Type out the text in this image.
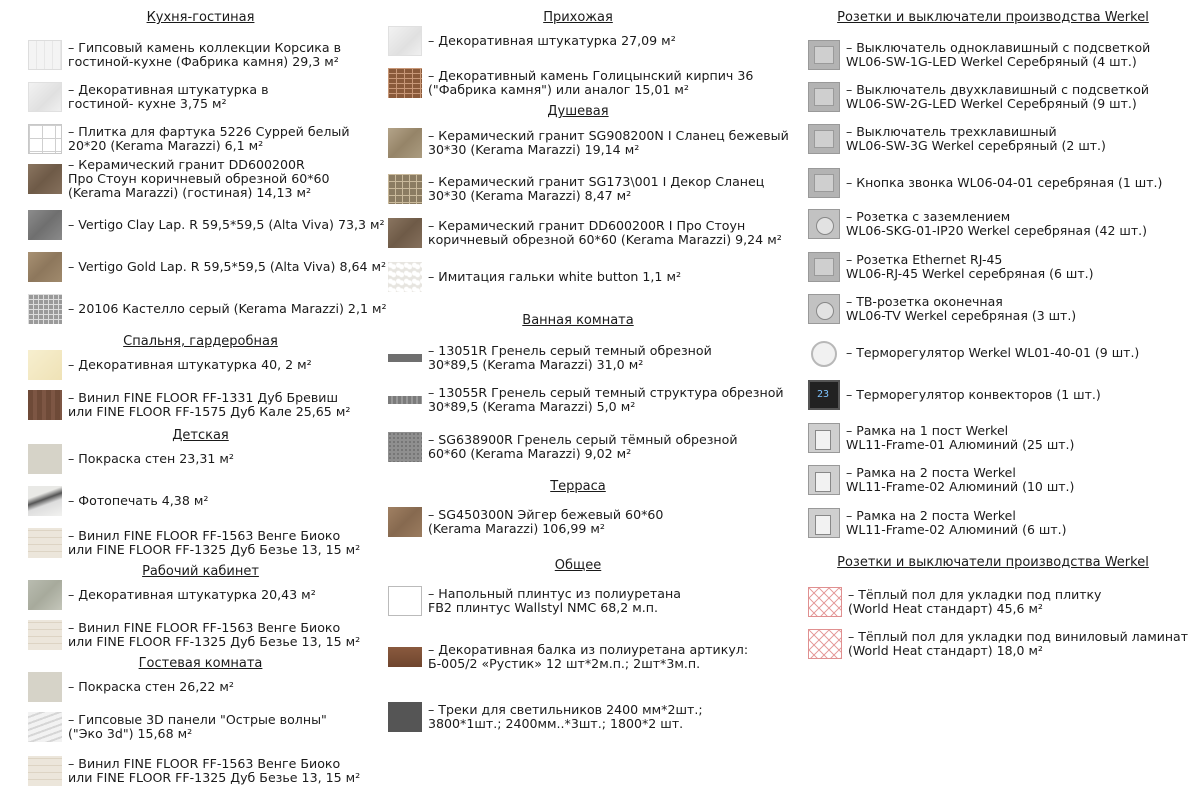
Кухня-гостиная
– Гипсовый камень коллекции Корсика в
гостиной-кухне (Фабрика камня) 29,3 м²
– Декоративная штукатурка в
гостиной- кухне 3,75 м²
– Плитка для фартука 5226 Суррей белый
20*20 (Kerama Marazzi) 6,1 м²
– Керамический гранит DD600200R
Про Стоун коричневый обрезной 60*60
(Kerama Marazzi) (гостиная) 14,13 м²
– Vertigo Clay Lap. R 59,5*59,5 (Alta Viva) 73,3 м²
– Vertigo Gold Lap. R 59,5*59,5 (Alta Viva) 8,64 м²
– 20106 Кастелло серый (Kerama Marazzi) 2,1 м²
Спальня, гардеробная
– Декоративная штукатурка 40, 2 м²
– Винил FINE FLOOR FF-1331 Дуб Бревиш
или FINE FLOOR FF-1575 Дуб Кале 25,65 м²
Детская
– Покраска стен 23,31 м²
– Фотопечать 4,38 м²
– Винил FINE FLOOR FF-1563 Венге Биоко
или FINE FLOOR FF-1325 Дуб Безье 13, 15 м²
Рабочий кабинет
– Декоративная штукатурка 20,43 м²
– Винил FINE FLOOR FF-1563 Венге Биоко
или FINE FLOOR FF-1325 Дуб Безье 13, 15 м²
Гостевая комната
– Покраска стен 26,22 м²
– Гипсовые 3D панели "Острые волны"
("Эко 3d") 15,68 м²
– Винил FINE FLOOR FF-1563 Венге Биоко
или FINE FLOOR FF-1325 Дуб Безье 13, 15 м²
Прихожая
– Декоративная штукатурка 27,09 м²
– Декоративный камень Голицынский кирпич 36
("Фабрика камня") или аналог 15,01 м²
Душевая
– Керамический гранит SG908200N I Сланец бежевый
30*30 (Kerama Marazzi) 19,14 м²
– Керамический гранит SG173\001 I Декор Сланец
30*30 (Kerama Marazzi) 8,47 м²
– Керамический гранит DD600200R I Про Стоун
коричневый обрезной 60*60 (Kerama Marazzi) 9,24 м²
– Имитация гальки white button 1,1 м²
Ванная комната
– 13051R Гренель серый темный обрезной
30*89,5 (Kerama Marazzi) 31,0 м²
– 13055R Гренель серый темный структура обрезной
30*89,5 (Kerama Marazzi) 5,0 м²
– SG638900R Гренель серый тёмный обрезной
60*60 (Kerama Marazzi) 9,02 м²
Терраса
– SG450300N Эйгер бежевый 60*60
(Kerama Marazzi) 106,99 м²
Общее
– Напольный плинтус из полиуретана
FB2 плинтус Wallstyl NMC 68,2 м.п.
– Декоративная балка из полиуретана артикул:
Б-005/2 «Рустик» 12 шт*2м.п.; 2шт*3м.п.
– Треки для светильников 2400 мм*2шт.;
3800*1шт.; 2400мм..*3шт.; 1800*2 шт.
Розетки и выключатели производства Werkel
– Выключатель одноклавишный с подсветкой
WL06-SW-1G-LED Werkel Серебряный (4 шт.)
– Выключатель двухклавишный с подсветкой
WL06-SW-2G-LED Werkel Серебряный (9 шт.)
– Выключатель трехклавишный
WL06-SW-3G Werkel серебряный (2 шт.)
– Кнопка звонка WL06-04-01 серебряная (1 шт.)
– Розетка с заземлением
WL06-SKG-01-IP20 Werkel серебряная (42 шт.)
– Розетка Ethernet RJ-45
WL06-RJ-45 Werkel серебряная (6 шт.)
– ТВ-розетка оконечная
WL06-TV Werkel серебряная (3 шт.)
– Терморегулятор Werkel WL01-40-01 (9 шт.)
23 – Терморегулятор конвекторов (1 шт.)
– Рамка на 1 пост Werkel
WL11-Frame-01 Алюминий (25 шт.)
– Рамка на 2 поста Werkel
WL11-Frame-02 Алюминий (10 шт.)
– Рамка на 2 поста Werkel
WL11-Frame-02 Алюминий (6 шт.)
Розетки и выключатели производства Werkel
– Тёплый пол для укладки под плитку
(World Heat стандарт) 45,6 м²
– Тёплый пол для укладки под виниловый ламинат
(World Heat стандарт) 18,0 м²
